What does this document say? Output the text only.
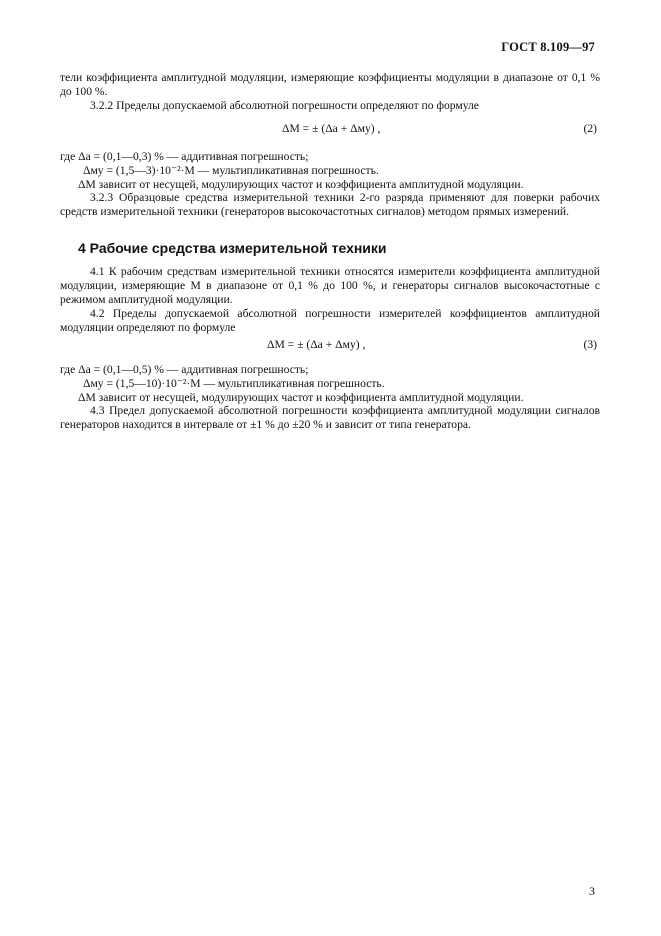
ГОСТ 8.109—97
тели коэффициента амплитудной модуляции, измеряющие коэффициенты модуляции в диапазоне от 0,1 % до 100 %.
3.2.2 Пределы допускаемой абсолютной погрешности определяют по формуле
ΔM = ± (Δа + Δму) ,	(2)
где Δа = (0,1—0,3) % — аддитивная погрешность;
Δму = (1,5—3)·10⁻²·M — мультипликативная погрешность.
ΔM зависит от несущей, модулирующих частот и коэффициента амплитудной модуляции.
3.2.3 Образцовые средства измерительной техники 2-го разряда применяют для поверки рабочих средств измерительной техники (генераторов высокочастотных сигналов) методом прямых измерений.
4 Рабочие средства измерительной техники
4.1 К рабочим средствам измерительной техники относятся измерители коэффициента амплитудной модуляции, измеряющие M в диапазоне от 0,1 % до 100 %, и генераторы сигналов высокочастотные с режимом амплитудной модуляции.
4.2 Пределы допускаемой абсолютной погрешности измерителей коэффициентов амплитудной модуляции определяют по формуле
ΔM = ± (Δа + Δму) ,	(3)
где Δа = (0,1—0,5) % — аддитивная погрешность;
Δму = (1,5—10)·10⁻²·M — мультипликативная погрешность.
ΔM зависит от несущей, модулирующих частот и коэффициента амплитудной модуляции.
4.3 Предел допускаемой абсолютной погрешности коэффициента амплитудной модуляции сигналов генераторов находится в интервале от ±1 % до ±20 % и зависит от типа генератора.
3
